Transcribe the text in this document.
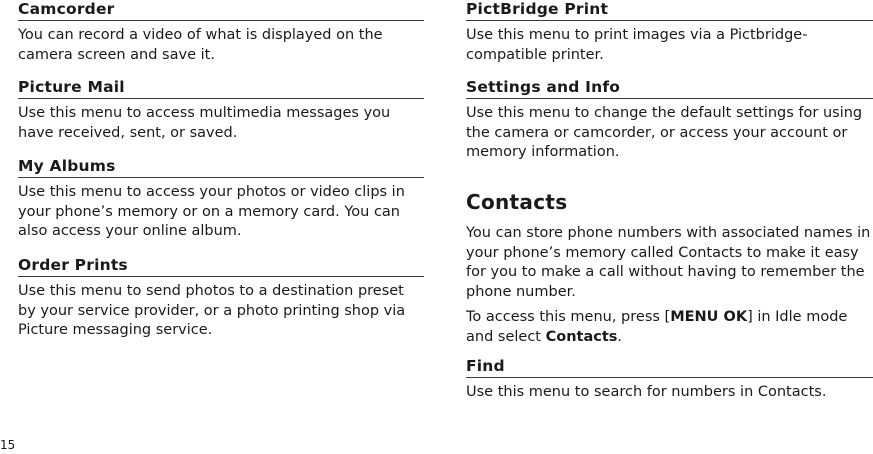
Camcorder

You can record a video of what is displayed on the camera screen and save it.

Picture Mail

Use this menu to access multimedia messages you have received, sent, or saved.

My Albums

Use this menu to access your photos or video clips in your phone’s memory or on a memory card. You can also access your online album.

Order Prints

Use this menu to send photos to a destination preset by your service provider, or a photo printing shop via Picture messaging service.

PictBridge Print

Use this menu to print images via a Pictbridge-compatible printer.

Settings and Info

Use this menu to change the default settings for using the camera or camcorder, or access your account or memory information.

Contacts

You can store phone numbers with associated names in your phone’s memory called Contacts to make it easy for you to make a call without having to remember the phone number.

To access this menu, press [MENU OK] in Idle mode and select Contacts.

Find

Use this menu to search for numbers in Contacts.

15
